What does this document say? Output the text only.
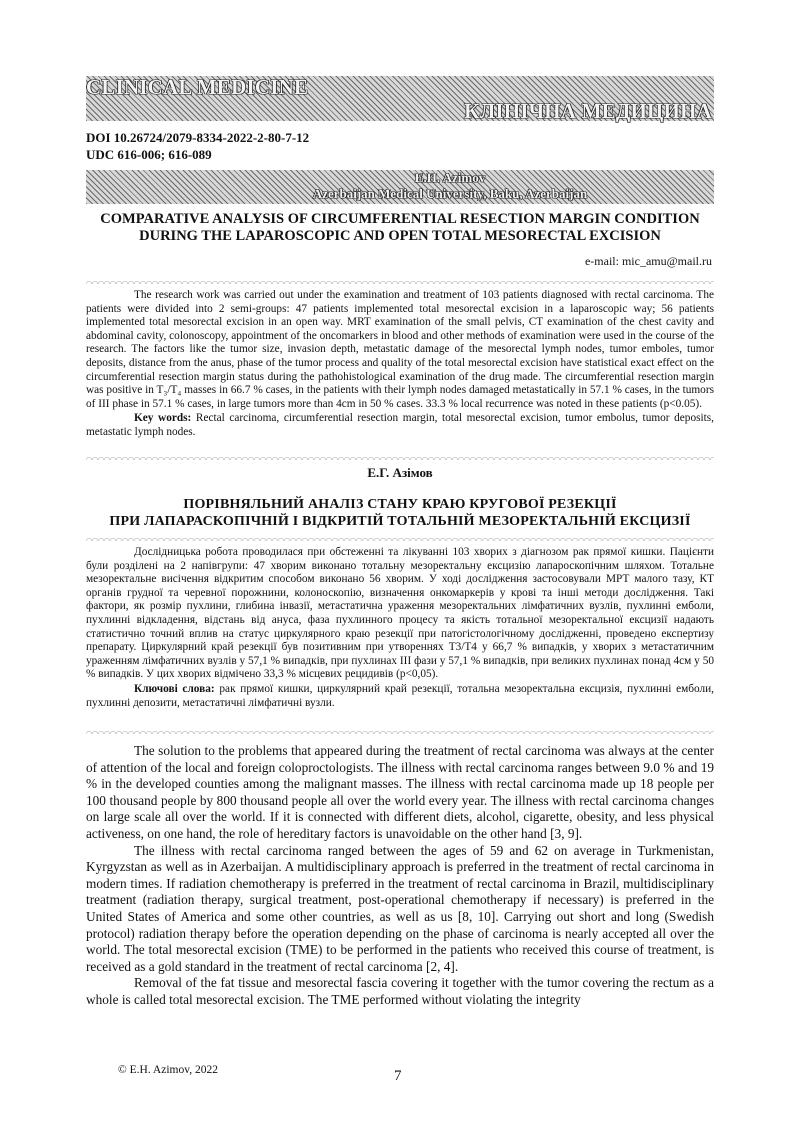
CLINICAL MEDICINE
КЛІНІЧНА МЕДИЦИНА
DOI 10.26724/2079-8334-2022-2-80-7-12
UDC 616-006; 616-089
E.H. Azimov
Azerbaijan Medical University, Baku, Azerbaijan
COMPARATIVE ANALYSIS OF CIRCUMFERENTIAL RESECTION MARGIN CONDITION
DURING THE LAPAROSCOPIC AND OPEN TOTAL MESORECTAL EXCISION
e-mail: mic_amu@mail.ru

The research work was carried out under the examination and treatment of 103 patients diagnosed with rectal carcinoma. The patients were divided into 2 semi-groups: 47 patients implemented total mesorectal excision in a laparoscopic way; 56 patients implemented total mesorectal excision in an open way. MRT examination of the small pelvis, CT examination of the chest cavity and abdominal cavity, colonoscopy, appointment of the oncomarkers in blood and other methods of examination were used in the course of the research. The factors like the tumor size, invasion depth, metastatic damage of the mesorectal lymph nodes, tumor emboles, tumor deposits, distance from the anus, phase of the tumor process and quality of the total mesorectal excision have statistical exact effect on the circumferential resection margin status during the pathohistological examination of the drug made. The circumferential resection margin was positive in T₃/T₄ masses in 66.7 % cases, in the patients with their lymph nodes damaged metastatically in 57.1 % cases, in the tumors of III phase in 57.1 % cases, in large tumors more than 4cm in 50 % cases. 33.3 % local recurrence was noted in these patients (p<0.05).

Key words: Rectal carcinoma, circumferential resection margin, total mesorectal excision, tumor embolus, tumor deposits, metastatic lymph nodes.

Е.Г. Азімов
ПОРІВНЯЛЬНИЙ АНАЛІЗ СТАНУ КРАЮ КРУГОВОЇ РЕЗЕКЦІЇ
ПРИ ЛАПАРАСКОПІЧНІЙ І ВІДКРИТІЙ ТОТАЛЬНІЙ МЕЗОРЕКТАЛЬНІЙ ЕКСЦИЗІЇ

Дослідницька робота проводилася при обстеженні та лікуванні 103 хворих з діагнозом рак прямої кишки. Пацієнти були розділені на 2 напівгрупи: 47 хворим виконано тотальну мезоректальну ексцизію лапароскопічним шляхом. Тотальне мезоректальне висічення відкритим способом виконано 56 хворим. У ході дослідження застосовували МРТ малого тазу, КТ органів грудної та черевної порожнини, колоноскопію, визначення онкомаркерів у крові та інші методи дослідження. Такі фактори, як розмір пухлини, глибина інвазії, метастатична ураження мезоректальних лімфатичних вузлів, пухлинні емболи, пухлинні відкладення, відстань від ануса, фаза пухлинного процесу та якість тотальної мезоректальної ексцизії надають статистично точний вплив на статус циркулярного краю резекції при патогістологічному дослідженні, проведено експертизу препарату. Циркулярний край резекції був позитивним при утвореннях Т3/Т4 у 66,7 % випадків, у хворих з метастатичним ураженням лімфатичних вузлів у 57,1 % випадків, при пухлинах III фази у 57,1 % випадків, при великих пухлинах понад 4см у 50 % випадків. У цих хворих відмічено 33,3 % місцевих рецидивів (p<0,05).

Ключові слова: рак прямої кишки, циркулярний край резекції, тотальна мезоректальна ексцизія, пухлинні емболи, пухлинні депозити, метастатичні лімфатичні вузли.

The solution to the problems that appeared during the treatment of rectal carcinoma was always at the center of attention of the local and foreign coloproctologists. The illness with rectal carcinoma ranges between 9.0 % and 19 % in the developed counties among the malignant masses. The illness with rectal carcinoma made up 18 people per 100 thousand people by 800 thousand people all over the world every year. The illness with rectal carcinoma changes on large scale all over the world. If it is connected with different diets, alcohol, cigarette, obesity, and less physical activeness, on one hand, the role of hereditary factors is unavoidable on the other hand [3, 9].

The illness with rectal carcinoma ranged between the ages of 59 and 62 on average in Turkmenistan, Kyrgyzstan as well as in Azerbaijan. A multidisciplinary approach is preferred in the treatment of rectal carcinoma in modern times. If radiation chemotherapy is preferred in the treatment of rectal carcinoma in Brazil, multidisciplinary treatment (radiation therapy, surgical treatment, post-operational chemotherapy if necessary) is preferred in the United States of America and some other countries, as well as us [8, 10]. Carrying out short and long (Swedish protocol) radiation therapy before the operation depending on the phase of carcinoma is nearly accepted all over the world. The total mesorectal excision (TME) to be performed in the patients who received this course of treatment, is received as a gold standard in the treatment of rectal carcinoma [2, 4].

Removal of the fat tissue and mesorectal fascia covering it together with the tumor covering the rectum as a whole is called total mesorectal excision. The TME performed without violating the integrity

© E.H. Azimov, 2022	7
